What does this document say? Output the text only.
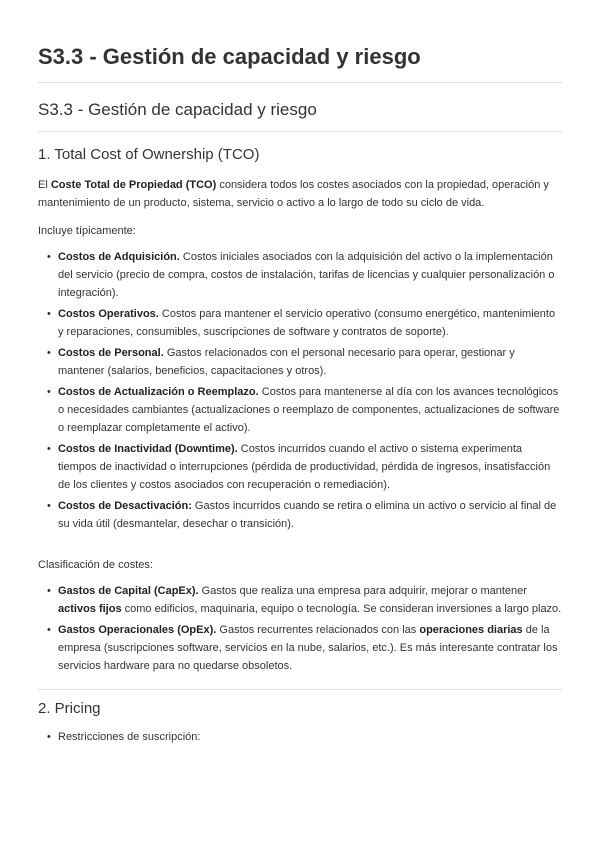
S3.3 - Gestión de capacidad y riesgo
S3.3 - Gestión de capacidad y riesgo
1. Total Cost of Ownership (TCO)

El Coste Total de Propiedad (TCO) considera todos los costes asociados con la propiedad, operación y mantenimiento de un producto, sistema, servicio o activo a lo largo de todo su ciclo de vida.

Incluye típicamente:

• Costos de Adquisición. Costos iniciales asociados con la adquisición del activo o la implementación del servicio (precio de compra, costos de instalación, tarifas de licencias y cualquier personalización o integración).
• Costos Operativos. Costos para mantener el servicio operativo (consumo energético, mantenimiento y reparaciones, consumibles, suscripciones de software y contratos de soporte).
• Costos de Personal. Gastos relacionados con el personal necesario para operar, gestionar y mantener (salarios, beneficios, capacitaciones y otros).
• Costos de Actualización o Reemplazo. Costos para mantenerse al día con los avances tecnológicos o necesidades cambiantes (actualizaciones o reemplazo de componentes, actualizaciones de software o reemplazar completamente el activo).
• Costos de Inactividad (Downtime). Costos incurridos cuando el activo o sistema experimenta tiempos de inactividad o interrupciones (pérdida de productividad, pérdida de ingresos, insatisfacción de los clientes y costos asociados con recuperación o remediación).
• Costos de Desactivación: Gastos incurridos cuando se retira o elimina un activo o servicio al final de su vida útil (desmantelar, desechar o transición).

Clasificación de costes:

• Gastos de Capital (CapEx). Gastos que realiza una empresa para adquirir, mejorar o mantener activos fijos como edificios, maquinaria, equipo o tecnología. Se consideran inversiones a largo plazo.
• Gastos Operacionales (OpEx). Gastos recurrentes relacionados con las operaciones diarias de la empresa (suscripciones software, servicios en la nube, salarios, etc.). Es más interesante contratar los servicios hardware para no quedarse obsoletos.
2. Pricing
• Restricciones de suscripción:
